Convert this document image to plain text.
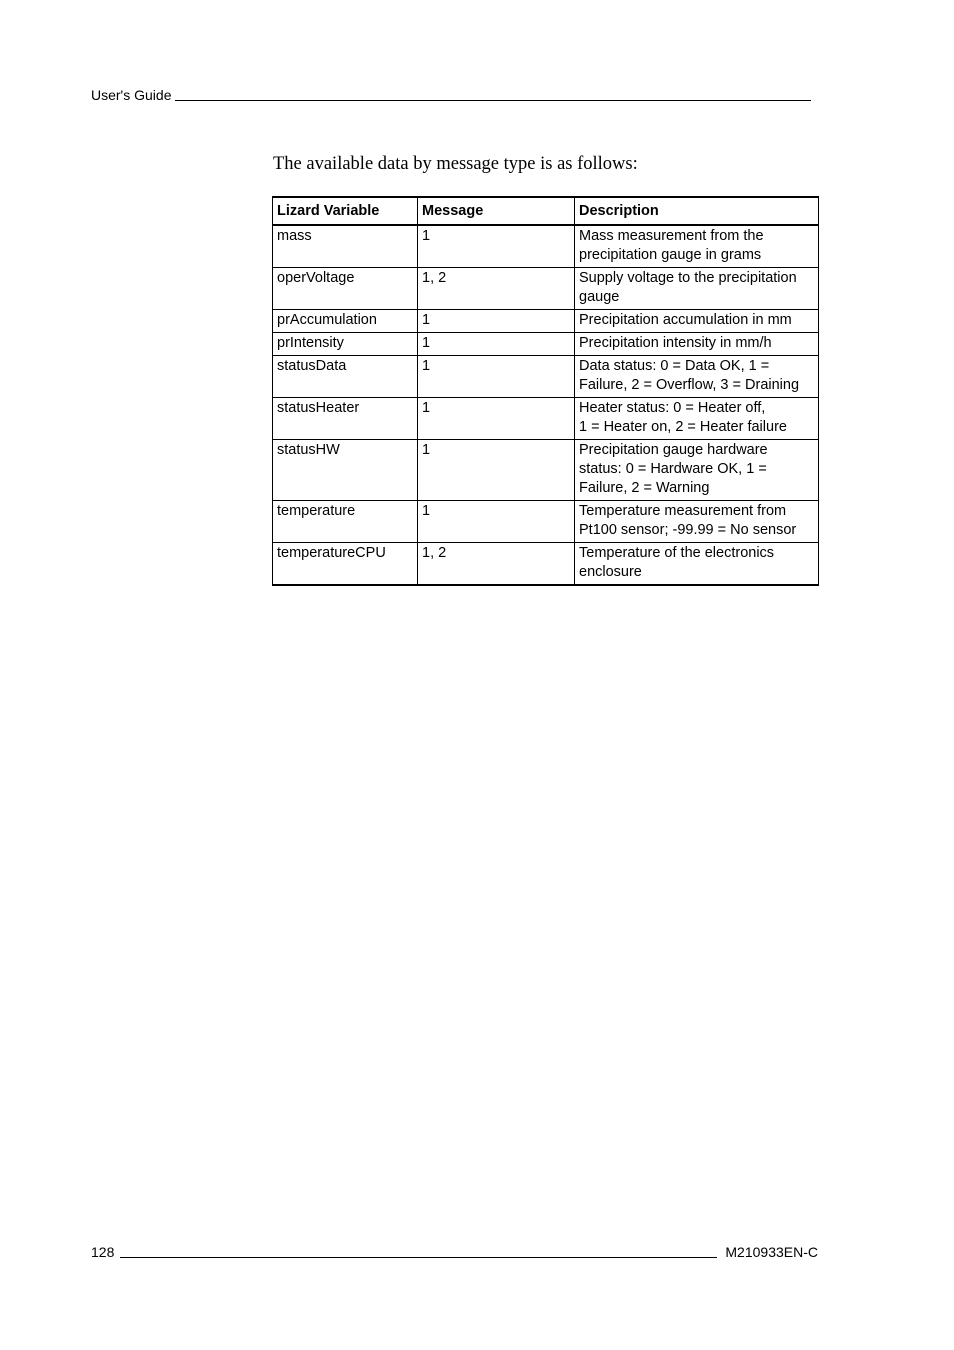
User's Guide

The available data by message type is as follows:

Lizard Variable	Message	Description
mass	1	Mass measurement from the
precipitation gauge in grams

operVoltage	1, 2	Supply voltage to the precipitation
gauge

prAccumulation	1	Precipitation accumulation in mm

prIntensity	1	Precipitation intensity in mm/h

statusData	1	Data status: 0 = Data OK, 1 =
Failure, 2 = Overflow, 3 = Draining

statusHeater	1	Heater status: 0 = Heater off,
1 = Heater on, 2 = Heater failure

statusHW	1	Precipitation gauge hardware
status: 0 = Hardware OK, 1 =
Failure, 2 = Warning

temperature	1	Temperature measurement from
Pt100 sensor; -99.99 = No sensor

temperatureCPU	1, 2	Temperature of the electronics
enclosure
128	M210933EN-C
